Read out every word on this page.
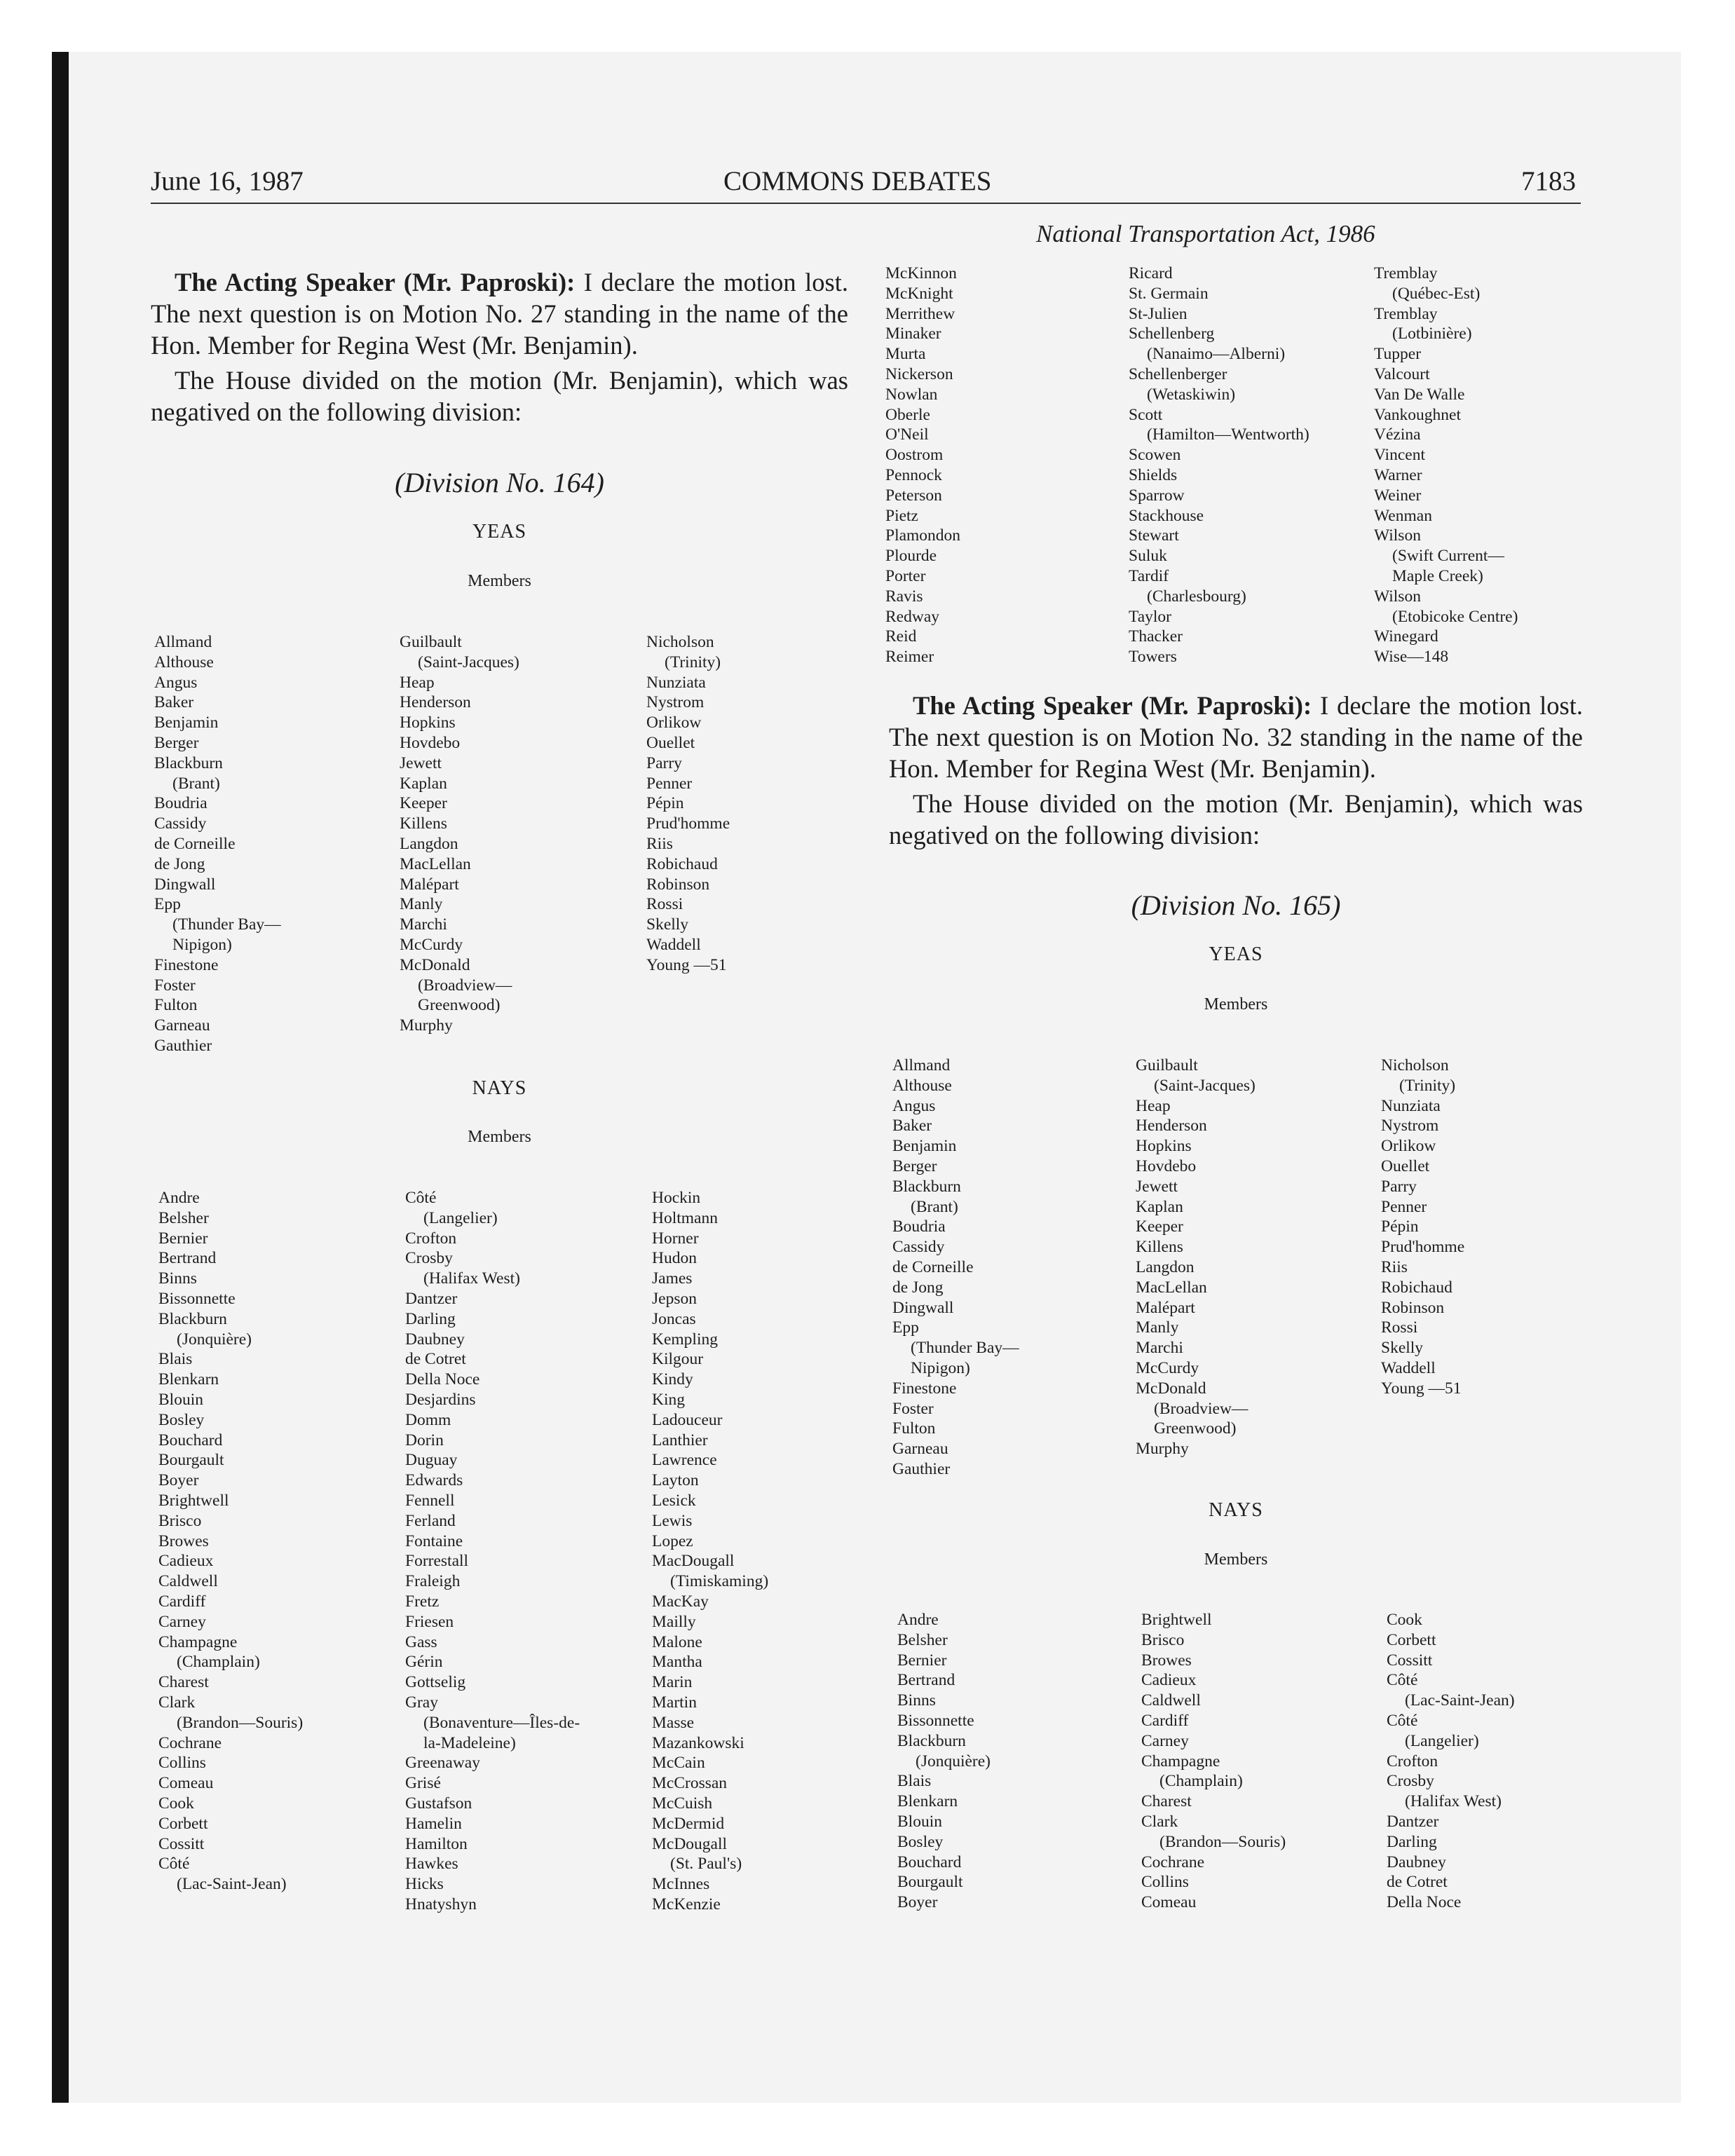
June 16, 1987	COMMONS DEBATES	7183
National Transportation Act, 1986

The Acting Speaker (Mr. Paproski): I declare the motion lost. The next question is on Motion No. 27 standing in the name of the Hon. Member for Regina West (Mr. Benjamin).

The House divided on the motion (Mr. Benjamin), which was negatived on the following division:

(Division No. 164)
YEAS
Members
Allmand
Althouse
Angus
Baker
Benjamin
Berger
Blackburn
(Brant)
Boudria
Cassidy
de Corneille
de Jong
Dingwall
Epp
(Thunder Bay—
Nipigon)
Finestone
Foster
Fulton
Garneau
Gauthier
Guilbault
(Saint-Jacques)
Heap
Henderson
Hopkins
Hovdebo
Jewett
Kaplan
Keeper
Killens
Langdon
MacLellan
Malépart
Manly
Marchi
McCurdy
McDonald
(Broadview—
Greenwood)
Murphy
Nicholson
(Trinity)
Nunziata
Nystrom
Orlikow
Ouellet
Parry
Penner
Pépin
Prud'homme
Riis
Robichaud
Robinson
Rossi
Skelly
Waddell
Young —51
NAYS
Members
Andre
Belsher
Bernier
Bertrand
Binns
Bissonnette
Blackburn
(Jonquière)
Blais
Blenkarn
Blouin
Bosley
Bouchard
Bourgault
Boyer
Brightwell
Brisco
Browes
Cadieux
Caldwell
Cardiff
Carney
Champagne
(Champlain)
Charest
Clark
(Brandon—Souris)
Cochrane
Collins
Comeau
Cook
Corbett
Cossitt
Côté
(Lac-Saint-Jean)
Côté
(Langelier)
Crofton
Crosby
(Halifax West)
Dantzer
Darling
Daubney
de Cotret
Della Noce
Desjardins
Domm
Dorin
Duguay
Edwards
Fennell
Ferland
Fontaine
Forrestall
Fraleigh
Fretz
Friesen
Gass
Gérin
Gottselig
Gray
(Bonaventure—Îles-de-
la-Madeleine)
Greenaway
Grisé
Gustafson
Hamelin
Hamilton
Hawkes
Hicks
Hnatyshyn
Hockin
Holtmann
Horner
Hudon
James
Jepson
Joncas
Kempling
Kilgour
Kindy
King
Ladouceur
Lanthier
Lawrence
Layton
Lesick
Lewis
Lopez
MacDougall
(Timiskaming)
MacKay
Mailly
Malone
Mantha
Marin
Martin
Masse
Mazankowski
McCain
McCrossan
McCuish
McDermid
McDougall
(St. Paul's)
McInnes
McKenzie
McKinnon
McKnight
Merrithew
Minaker
Murta
Nickerson
Nowlan
Oberle
O'Neil
Oostrom
Pennock
Peterson
Pietz
Plamondon
Plourde
Porter
Ravis
Redway
Reid
Reimer
Ricard
St. Germain
St-Julien
Schellenberg
(Nanaimo—Alberni)
Schellenberger
(Wetaskiwin)
Scott
(Hamilton—Wentworth)
Scowen
Shields
Sparrow
Stackhouse
Stewart
Suluk
Tardif
(Charlesbourg)
Taylor
Thacker
Towers
Tremblay
(Québec-Est)
Tremblay
(Lotbinière)
Tupper
Valcourt
Van De Walle
Vankoughnet
Vézina
Vincent
Warner
Weiner
Wenman
Wilson
(Swift Current—
Maple Creek)
Wilson
(Etobicoke Centre)
Winegard
Wise—148

The Acting Speaker (Mr. Paproski): I declare the motion lost. The next question is on Motion No. 32 standing in the name of the Hon. Member for Regina West (Mr. Benjamin).

The House divided on the motion (Mr. Benjamin), which was negatived on the following division:

(Division No. 165)
YEAS
Members
Allmand
Althouse
Angus
Baker
Benjamin
Berger
Blackburn
(Brant)
Boudria
Cassidy
de Corneille
de Jong
Dingwall
Epp
(Thunder Bay—
Nipigon)
Finestone
Foster
Fulton
Garneau
Gauthier
Guilbault
(Saint-Jacques)
Heap
Henderson
Hopkins
Hovdebo
Jewett
Kaplan
Keeper
Killens
Langdon
MacLellan
Malépart
Manly
Marchi
McCurdy
McDonald
(Broadview—
Greenwood)
Murphy
Nicholson
(Trinity)
Nunziata
Nystrom
Orlikow
Ouellet
Parry
Penner
Pépin
Prud'homme
Riis
Robichaud
Robinson
Rossi
Skelly
Waddell
Young —51
NAYS
Members
Andre
Belsher
Bernier
Bertrand
Binns
Bissonnette
Blackburn
(Jonquière)
Blais
Blenkarn
Blouin
Bosley
Bouchard
Bourgault
Boyer
Brightwell
Brisco
Browes
Cadieux
Caldwell
Cardiff
Carney
Champagne
(Champlain)
Charest
Clark
(Brandon—Souris)
Cochrane
Collins
Comeau
Cook
Corbett
Cossitt
Côté
(Lac-Saint-Jean)
Côté
(Langelier)
Crofton
Crosby
(Halifax West)
Dantzer
Darling
Daubney
de Cotret
Della Noce
